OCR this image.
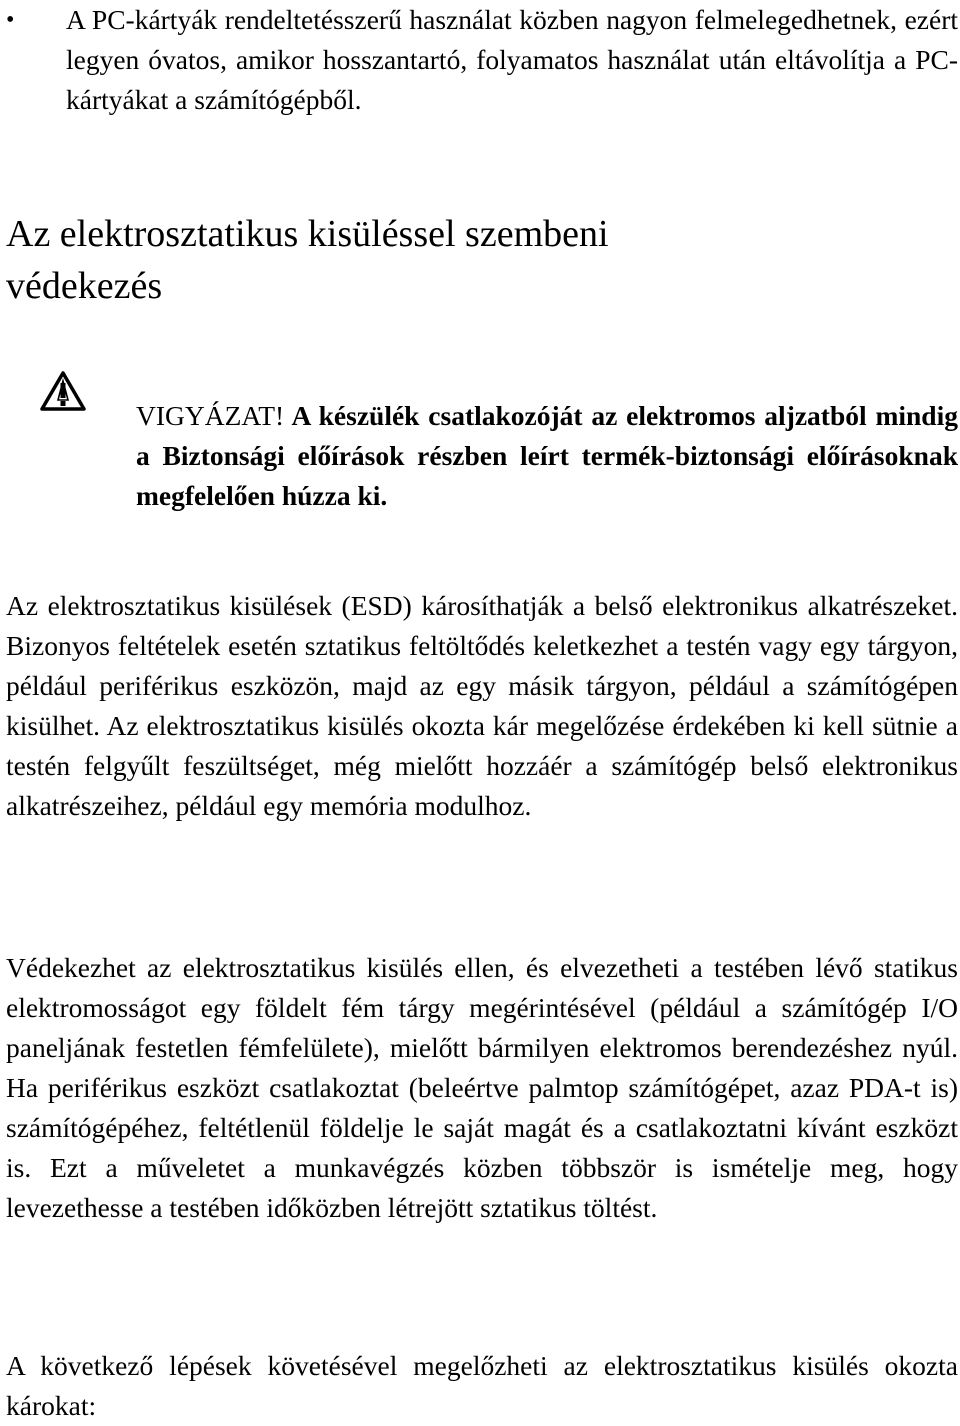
•	A PC-kártyák rendeltetésszerű használat közben nagyon felmelegedhetnek, ezért legyen óvatos, amikor hosszantartó, folyamatos használat után eltávolítja a PC-kártyákat a számítógépből.
Az elektrosztatikus kisüléssel szembeni
védekezés
VIGYÁZAT! A készülék csatlakozóját az elektromos aljzatból mindig a Biztonsági előírások részben leírt termék-biztonsági előírásoknak megfelelően húzza ki.

Az elektrosztatikus kisülések (ESD) károsíthatják a belső elektronikus alkatrészeket. Bizonyos feltételek esetén sztatikus feltöltődés keletkezhet a testén vagy egy tárgyon, például periférikus eszközön, majd az egy másik tárgyon, például a számítógépen kisülhet. Az elektrosztatikus kisülés okozta kár megelőzése érdekében ki kell sütnie a testén felgyűlt feszültséget, még mielőtt hozzáér a számítógép belső elektronikus alkatrészeihez, például egy memória modulhoz.

Védekezhet az elektrosztatikus kisülés ellen, és elvezetheti a testében lévő statikus elektromosságot egy földelt fém tárgy megérintésével (például a számítógép I/O paneljának festetlen fémfelülete), mielőtt bármilyen elektromos berendezéshez nyúl. Ha periférikus eszközt csatlakoztat (beleértve palmtop számítógépet, azaz PDA-t is) számítógépéhez, feltétlenül földelje le saját magát és a csatlakoztatni kívánt eszközt is. Ezt a műveletet a munkavégzés közben többször is ismételje meg, hogy levezethesse a testében időközben létrejött sztatikus töltést.

A következő lépések követésével megelőzheti az elektrosztatikus kisülés okozta károkat:
